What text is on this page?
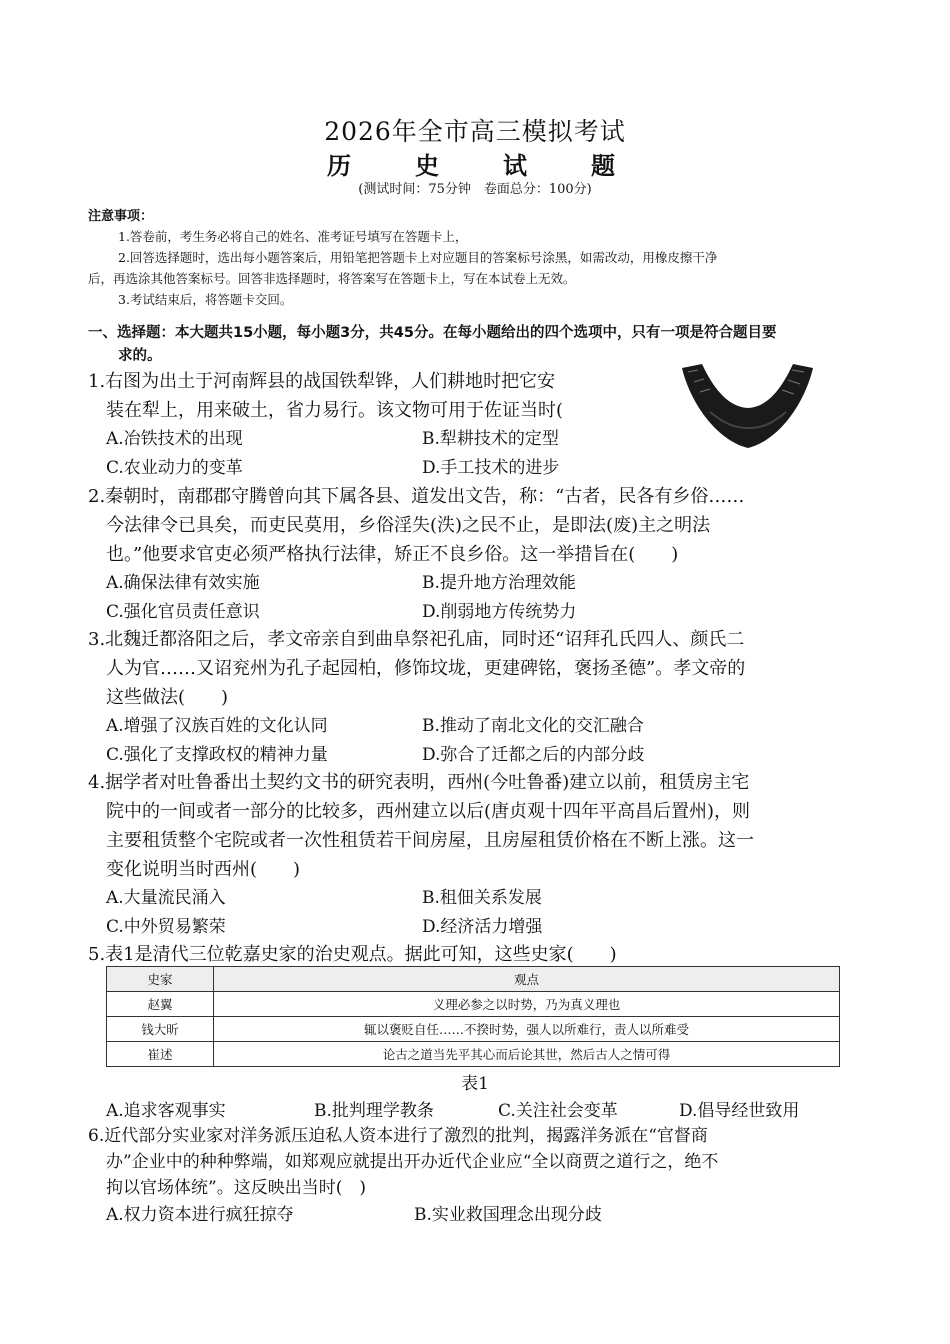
2026年全市高三模拟考试
历 史 试 题
(测试时间：75分钟　卷面总分：100分)
注意事项：
1.答卷前，考生务必将自己的姓名、准考证号填写在答题卡上，
2.回答选择题时，选出每小题答案后，用铅笔把答题卡上对应题目的答案标号涂黑，如需改动，用橡皮擦干净
后，再选涂其他答案标号。回答非选择题时，将答案写在答题卡上，写在本试卷上无效。
3.考试结束后，将答题卡交回。
一、选择题：本大题共15小题，每小题3分，共45分。在每小题给出的四个选项中，只有一项是符合题目要
求的。
1.右图为出土于河南辉县的战国铁犁铧，人们耕地时把它安
装在犁上，用来破土，省力易行。该文物可用于佐证当时(
A.冶铁技术的出现	B.犁耕技术的定型
C.农业动力的变革	D.手工技术的进步
2.秦朝时，南郡郡守腾曾向其下属各县、道发出文告，称：“古者，民各有乡俗……
今法律令已具矣，而吏民莫用，乡俗淫失(泆)之民不止，是即法(废)主之明法
也。”他要求官吏必须严格执行法律，矫正不良乡俗。这一举措旨在(　　)
A.确保法律有效实施	B.提升地方治理效能
C.强化官员责任意识	D.削弱地方传统势力
3.北魏迁都洛阳之后，孝文帝亲自到曲阜祭祀孔庙，同时还“诏拜孔氏四人、颜氏二
人为官……又诏兖州为孔子起园柏，修饰坟垅，更建碑铭，褒扬圣德”。孝文帝的
这些做法(　　)
A.增强了汉族百姓的文化认同	B.推动了南北文化的交汇融合
C.强化了支撑政权的精神力量	D.弥合了迁都之后的内部分歧
4.据学者对吐鲁番出土契约文书的研究表明，西州(今吐鲁番)建立以前，租赁房主宅
院中的一间或者一部分的比较多，西州建立以后(唐贞观十四年平高昌后置州)，则
主要租赁整个宅院或者一次性租赁若干间房屋，且房屋租赁价格在不断上涨。这一
变化说明当时西州(　　)
A.大量流民涌入	B.租佃关系发展
C.中外贸易繁荣	D.经济活力增强
5.表1是清代三位乾嘉史家的治史观点。据此可知，这些史家(　　)
史家	观点
赵翼	义理必参之以时势，乃为真义理也
钱大昕	辄以褒贬自任……不揆时势，强人以所难行，责人以所难受
崔述	论古之道当先平其心而后论其世，然后古人之情可得
表1
A.追求客观事实	B.批判理学教条	C.关注社会变革	D.倡导经世致用
6.近代部分实业家对洋务派压迫私人资本进行了激烈的批判，揭露洋务派在“官督商
办”企业中的种种弊端，如郑观应就提出开办近代企业应“全以商贾之道行之，绝不
拘以官场体统”。这反映出当时(　)
A.权力资本进行疯狂掠夺	B.实业救国理念出现分歧
